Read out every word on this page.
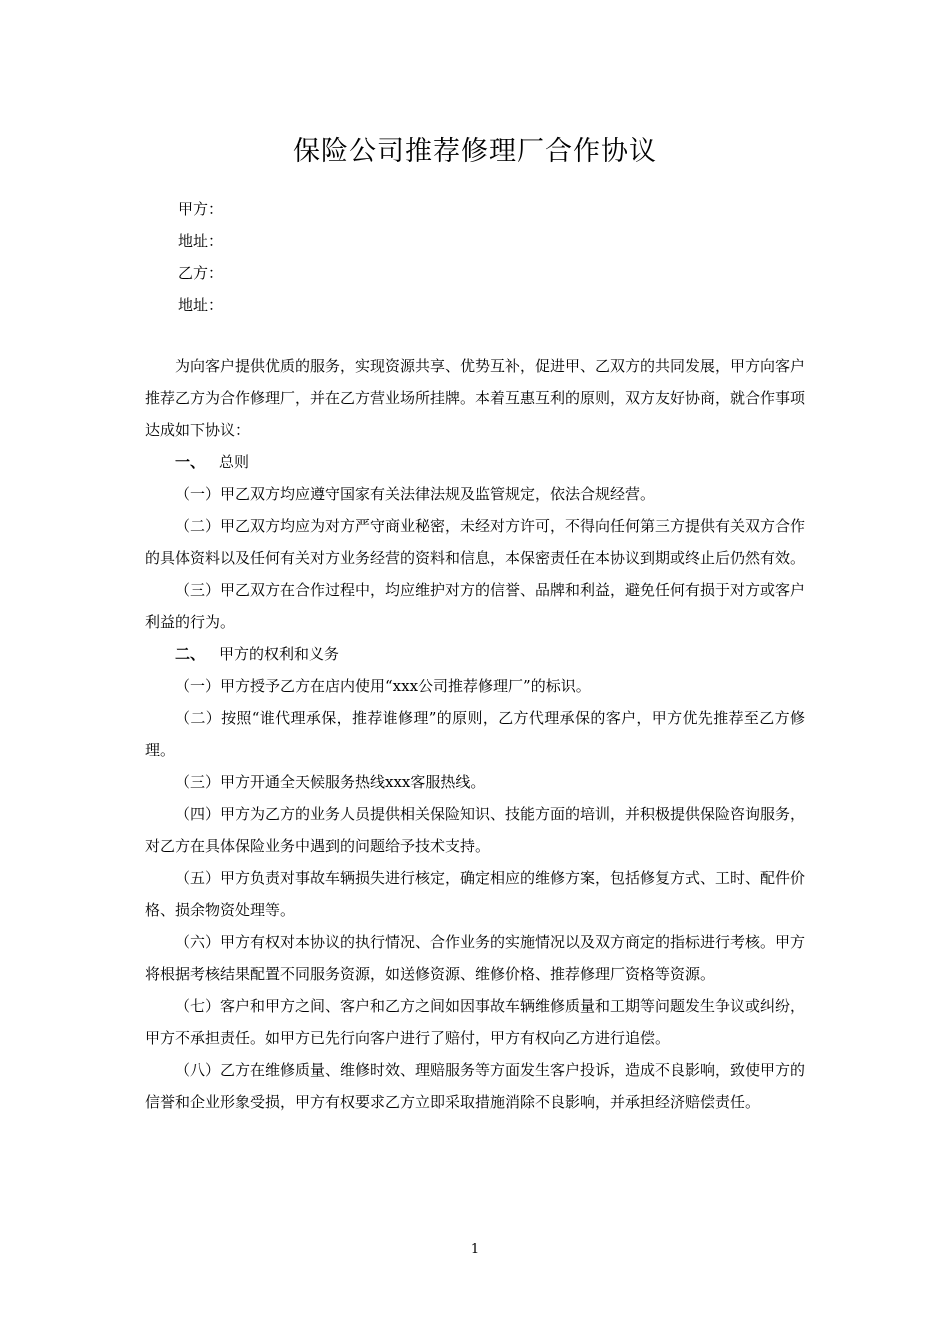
保险公司推荐修理厂合作协议

甲方：

地址：

乙方：

地址：

为向客户提供优质的服务，实现资源共享、优势互补，促进甲、乙双方的共同发展，甲方向客户推荐乙方为合作修理厂，并在乙方营业场所挂牌。本着互惠互利的原则，双方友好协商，就合作事项达成如下协议：

一、 总则

（一）甲乙双方均应遵守国家有关法律法规及监管规定，依法合规经营。

（二）甲乙双方均应为对方严守商业秘密，未经对方许可，不得向任何第三方提供有关双方合作的具体资料以及任何有关对方业务经营的资料和信息，本保密责任在本协议到期或终止后仍然有效。

（三）甲乙双方在合作过程中，均应维护对方的信誉、品牌和利益，避免任何有损于对方或客户利益的行为。

二、 甲方的权利和义务

（一）甲方授予乙方在店内使用“xxx公司推荐修理厂”的标识。

（二）按照“谁代理承保，推荐谁修理”的原则，乙方代理承保的客户，甲方优先推荐至乙方修理。

（三）甲方开通全天候服务热线xxx客服热线。

（四）甲方为乙方的业务人员提供相关保险知识、技能方面的培训，并积极提供保险咨询服务，对乙方在具体保险业务中遇到的问题给予技术支持。

（五）甲方负责对事故车辆损失进行核定，确定相应的维修方案，包括修复方式、工时、配件价格、损余物资处理等。

（六）甲方有权对本协议的执行情况、合作业务的实施情况以及双方商定的指标进行考核。甲方将根据考核结果配置不同服务资源，如送修资源、维修价格、推荐修理厂资格等资源。

（七）客户和甲方之间、客户和乙方之间如因事故车辆维修质量和工期等问题发生争议或纠纷，甲方不承担责任。如甲方已先行向客户进行了赔付，甲方有权向乙方进行追偿。

（八）乙方在维修质量、维修时效、理赔服务等方面发生客户投诉，造成不良影响，致使甲方的信誉和企业形象受损，甲方有权要求乙方立即采取措施消除不良影响，并承担经济赔偿责任。

1
